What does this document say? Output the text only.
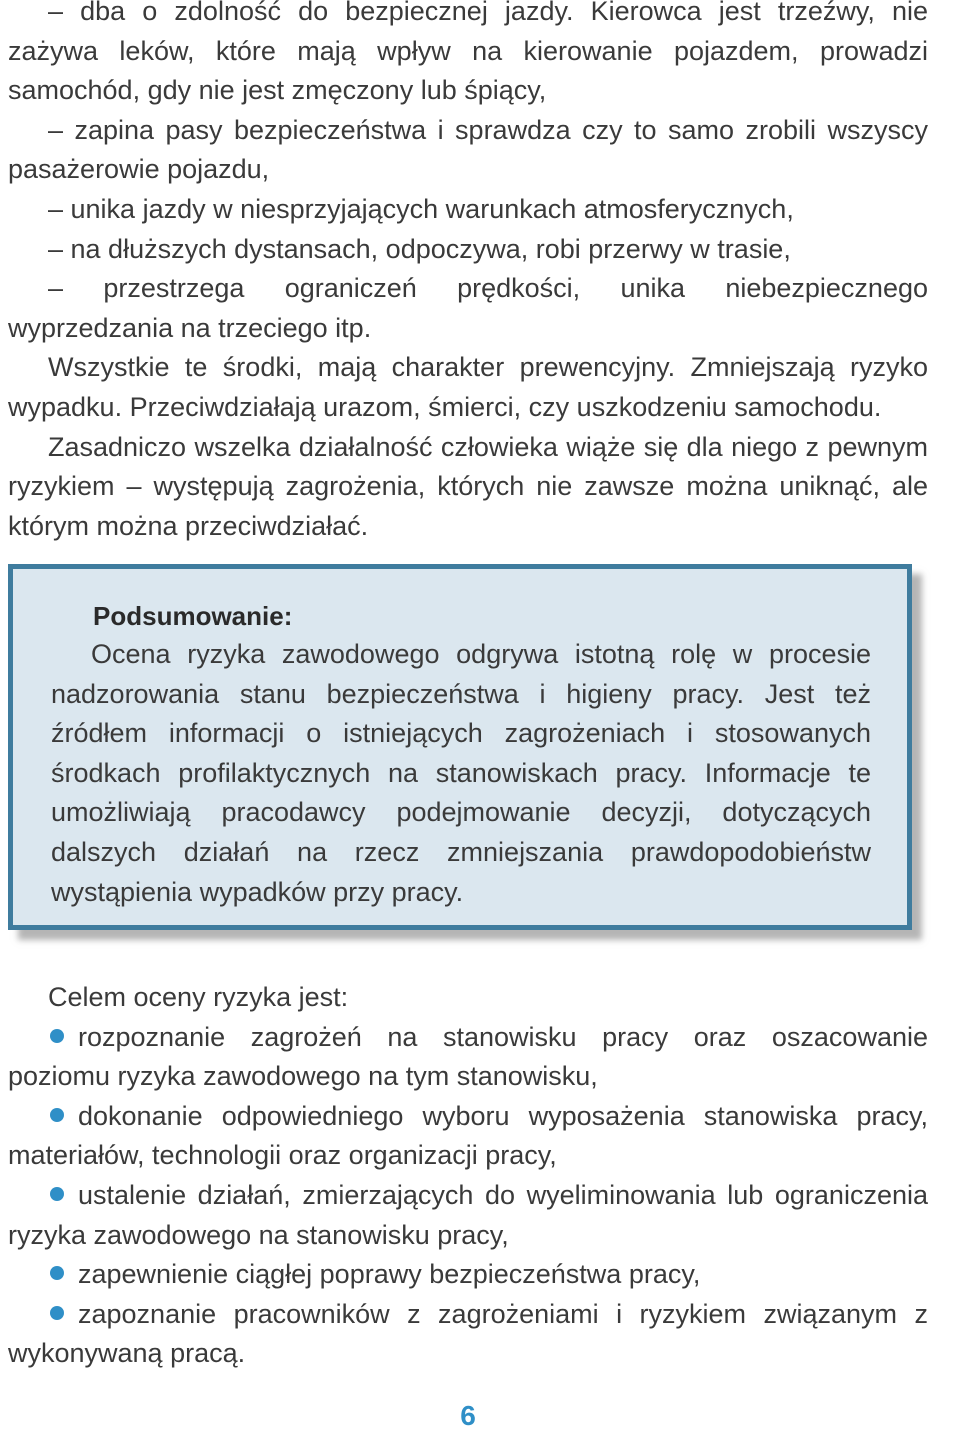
– dba o zdolność do bezpiecznej jazdy. Kierowca jest trzeźwy, nie zażywa leków, które mają wpływ na kierowanie pojazdem, prowadzi samochód, gdy nie jest zmęczony lub śpiący,

– zapina pasy bezpieczeństwa i sprawdza czy to samo zrobili wszyscy pasażerowie pojazdu,

– unika jazdy w niesprzyjających warunkach atmosferycznych,

– na dłuższych dystansach, odpoczywa, robi przerwy w trasie,

– przestrzega ograniczeń prędkości, unika niebezpiecznego wyprzedzania na trzeciego itp.

Wszystkie te środki, mają charakter prewencyjny. Zmniejszają ryzyko wypadku. Przeciwdziałają urazom, śmierci, czy uszkodzeniu samochodu.

Zasadniczo wszelka działalność człowieka wiąże się dla niego z pewnym ryzykiem – występują zagrożenia, których nie zawsze można uniknąć, ale którym można przeciwdziałać.

Podsumowanie:

Ocena ryzyka zawodowego odgrywa istotną rolę w procesie nadzorowania stanu bezpieczeństwa i higieny pracy. Jest też źródłem informacji o istniejących zagrożeniach i stosowanych środkach profilaktycznych na stanowiskach pracy. Informacje te umożliwiają pracodawcy podejmowanie decyzji, dotyczących dalszych działań na rzecz zmniejszania prawdopodobieństw wystąpienia wypadków przy pracy.

Celem oceny ryzyka jest:

rozpoznanie zagrożeń na stanowisku pracy oraz oszacowanie poziomu ryzyka zawodowego na tym stanowisku,

dokonanie odpowiedniego wyboru wyposażenia stanowiska pracy, materiałów, technologii oraz organizacji pracy,

ustalenie działań, zmierzających do wyeliminowania lub ograniczenia ryzyka zawodowego na stanowisku pracy,

zapewnienie ciągłej poprawy bezpieczeństwa pracy,

zapoznanie pracowników z zagrożeniami i ryzykiem związanym z wykonywaną pracą.

6
